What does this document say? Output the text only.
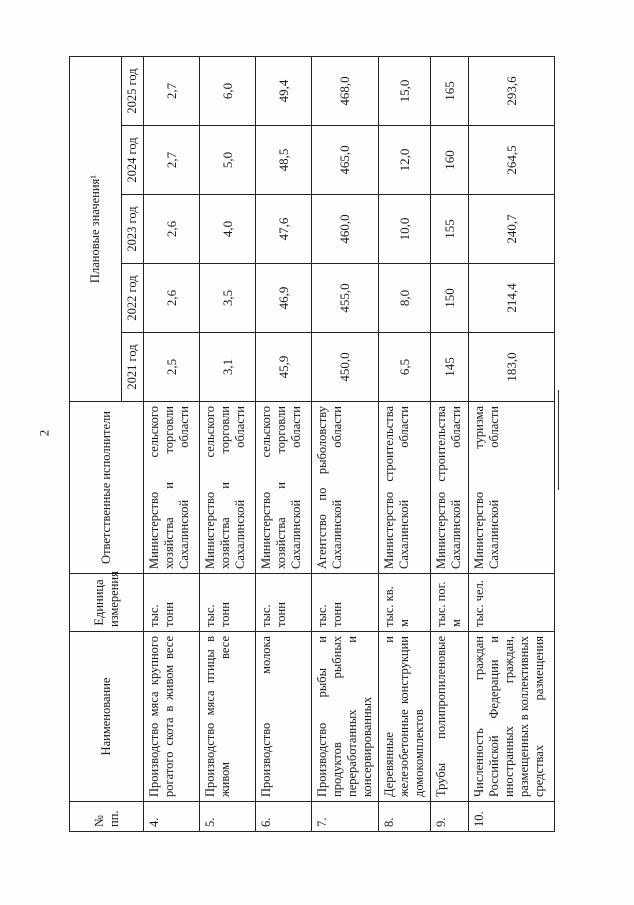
2
№ пп.	Наименование	Единица измерения	Ответственные исполнители	Плановые значения¹				
				2021 год	2022 год	2023 год	2024 год	2025 год
4.	Производство мяса крупного рогатого скота в живом весе	тыс. тонн	Министерство сельского хозяйства и торговли Сахалинской области	2,5	2,6	2,6	2,7	2,7
5.	Производство мяса птицы в живом весе	тыс. тонн	Министерство сельского хозяйства и торговли Сахалинской области	3,1	3,5	4,0	5,0	6,0
6.	Производство молока	тыс. тонн	Министерство сельского хозяйства и торговли Сахалинской области	45,9	46,9	47,6	48,5	49,4
7.	Производство рыбы и продуктов рыбных переработанных и консервированных	тыс. тонн	Агентство по рыболовству Сахалинской области	450,0	455,0	460,0	465,0	468,0
8.	Деревянные и железобетонные конструкции домокомплектов	тыс. кв. м	Министерство строительства Сахалинской области	6,5	8,0	10,0	12,0	15,0
9.	Трубы полипропиленовые	тыс. пог. м	Министерство строительства Сахалинской области	145	150	155	160	165
10.	Численность граждан Российской Федерации и иностранных граждан, размещенных в коллективных средствах размещения	тыс. чел.	Министерство туризма Сахалинской области	183,0	214,4	240,7	264,5	293,6
